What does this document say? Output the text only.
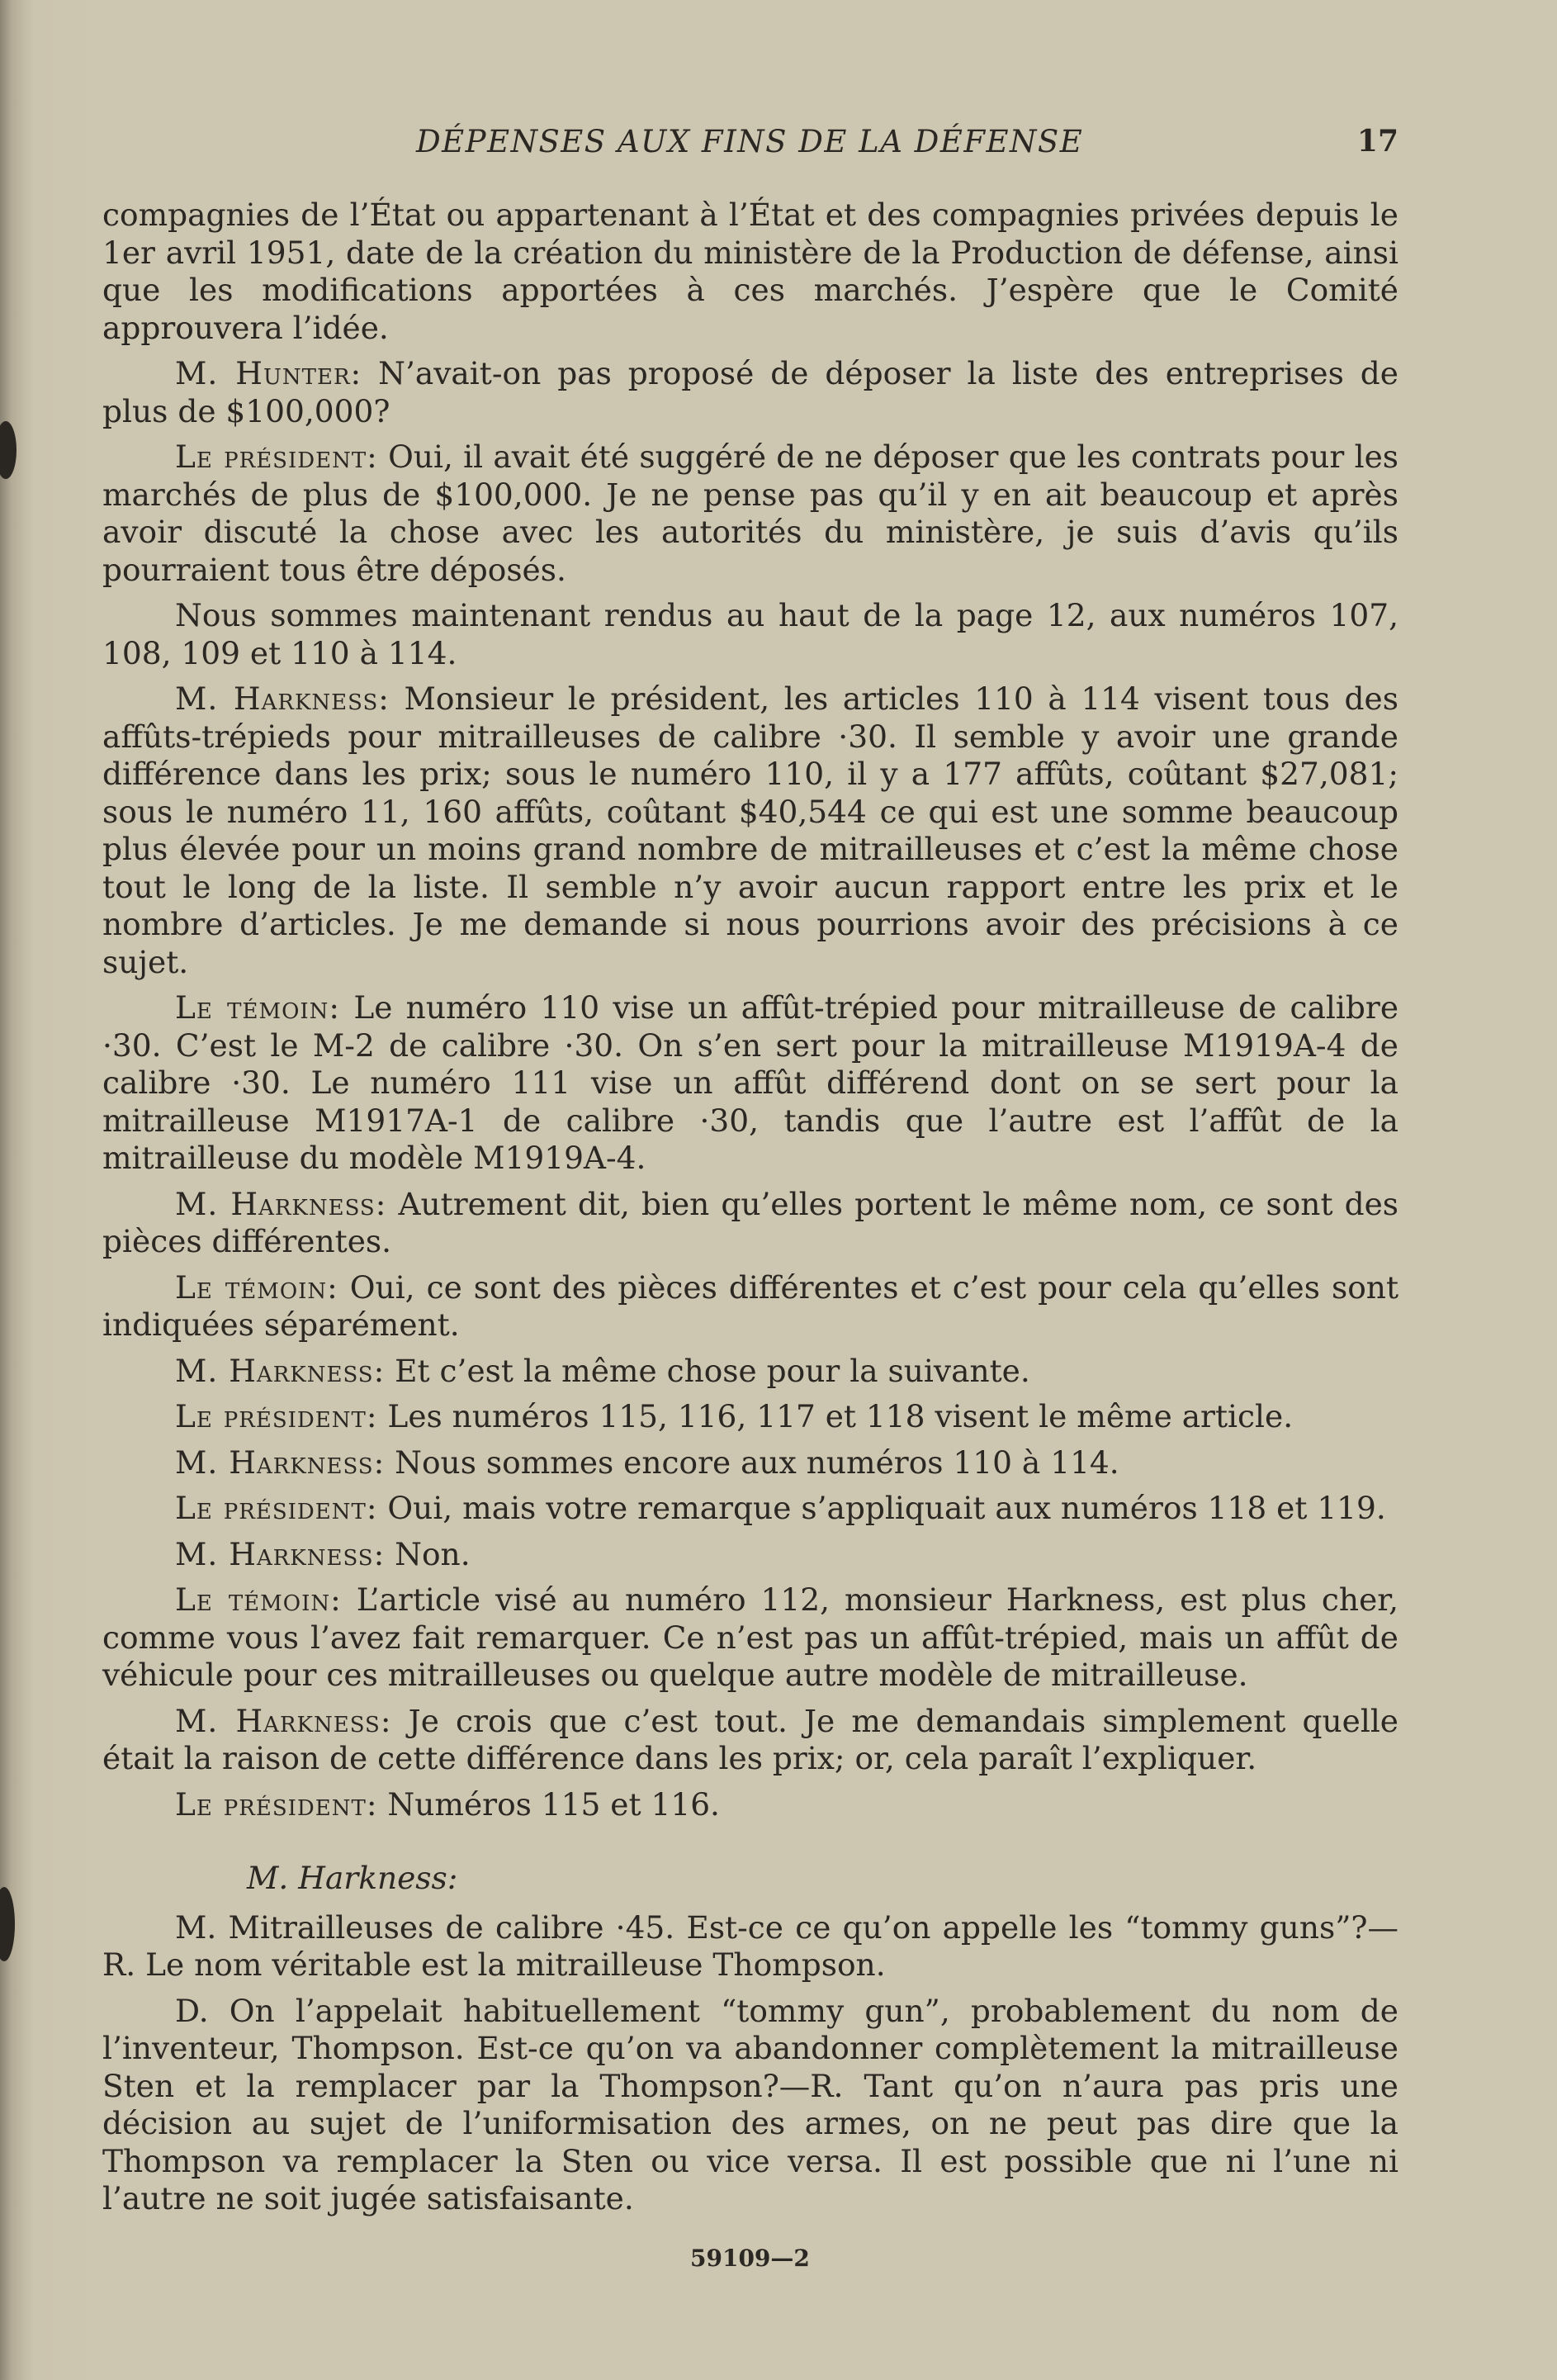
DÉPENSES AUX FINS DE LA DÉFENSE	17

compagnies de l’État ou appartenant à l’État et des compagnies privées depuis le 1er avril 1951, date de la création du ministère de la Production de défense, ainsi que les modifications apportées à ces marchés. J’espère que le Comité approuvera l’idée.

M. Hunter: N’avait-on pas proposé de déposer la liste des entreprises de plus de $100,000?

Le président: Oui, il avait été suggéré de ne déposer que les contrats pour les marchés de plus de $100,000. Je ne pense pas qu’il y en ait beaucoup et après avoir discuté la chose avec les autorités du ministère, je suis d’avis qu’ils pourraient tous être déposés.

Nous sommes maintenant rendus au haut de la page 12, aux numéros 107, 108, 109 et 110 à 114.

M. Harkness: Monsieur le président, les articles 110 à 114 visent tous des affûts-trépieds pour mitrailleuses de calibre ·30. Il semble y avoir une grande différence dans les prix; sous le numéro 110, il y a 177 affûts, coûtant $27,081; sous le numéro 11, 160 affûts, coûtant $40,544 ce qui est une somme beaucoup plus élevée pour un moins grand nombre de mitrailleuses et c’est la même chose tout le long de la liste. Il semble n’y avoir aucun rapport entre les prix et le nombre d’articles. Je me demande si nous pourrions avoir des précisions à ce sujet.

Le témoin: Le numéro 110 vise un affût-trépied pour mitrailleuse de calibre ·30. C’est le M-2 de calibre ·30. On s’en sert pour la mitrailleuse M1919A-4 de calibre ·30. Le numéro 111 vise un affût différend dont on se sert pour la mitrailleuse M1917A-1 de calibre ·30, tandis que l’autre est l’affût de la mitrailleuse du modèle M1919A-4.

M. Harkness: Autrement dit, bien qu’elles portent le même nom, ce sont des pièces différentes.

Le témoin: Oui, ce sont des pièces différentes et c’est pour cela qu’elles sont indiquées séparément.

M. Harkness: Et c’est la même chose pour la suivante.

Le président: Les numéros 115, 116, 117 et 118 visent le même article.

M. Harkness: Nous sommes encore aux numéros 110 à 114.

Le président: Oui, mais votre remarque s’appliquait aux numéros 118 et 119.

M. Harkness: Non.

Le témoin: L’article visé au numéro 112, monsieur Harkness, est plus cher, comme vous l’avez fait remarquer. Ce n’est pas un affût-trépied, mais un affût de véhicule pour ces mitrailleuses ou quelque autre modèle de mitrailleuse.

M. Harkness: Je crois que c’est tout. Je me demandais simplement quelle était la raison de cette différence dans les prix; or, cela paraît l’expliquer.

Le président: Numéros 115 et 116.

M. Harkness:

M. Mitrailleuses de calibre ·45. Est-ce ce qu’on appelle les “tommy guns”?—R. Le nom véritable est la mitrailleuse Thompson.

D. On l’appelait habituellement “tommy gun”, probablement du nom de l’inventeur, Thompson. Est-ce qu’on va abandonner complètement la mitrailleuse Sten et la remplacer par la Thompson?—R. Tant qu’on n’aura pas pris une décision au sujet de l’uniformisation des armes, on ne peut pas dire que la Thompson va remplacer la Sten ou vice versa. Il est possible que ni l’une ni l’autre ne soit jugée satisfaisante.

59109—2
